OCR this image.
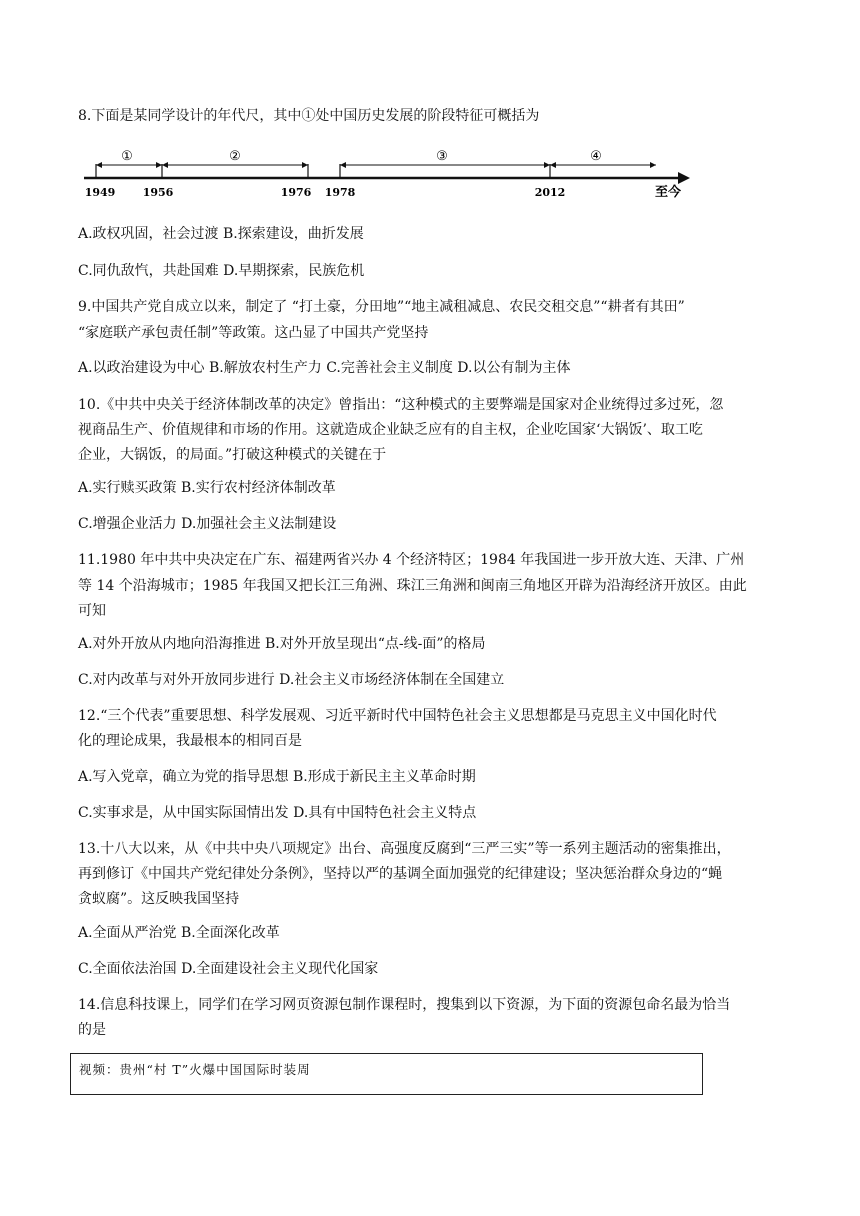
8.下面是某同学设计的年代尺，其中①处中国历史发展的阶段特征可概括为
①	②	③	④
1949 1956	1976 1978	2012	至今
A.政权巩固，社会过渡 B.探索建设，曲折发展
C.同仇敌忾，共赴国难 D.早期探索，民族危机
9.中国共产党自成立以来，制定了 “打土豪，分田地”“地主减租减息、农民交租交息”“耕者有其田”
“家庭联产承包责任制”等政策。这凸显了中国共产党坚持
A.以政治建设为中心 B.解放农村生产力 C.完善社会主义制度 D.以公有制为主体
10.《中共中央关于经济体制改革的决定》曾指出：“这种模式的主要弊端是国家对企业统得过多过死，忽
视商品生产、价值规律和市场的作用。这就造成企业缺乏应有的自主权，企业吃国家‘大锅饭’、取工吃
企业，大锅饭，的局面。”打破这种模式的关键在于
A.实行赎买政策 B.实行农村经济体制改革
C.增强企业活力 D.加强社会主义法制建设
11.1980 年中共中央决定在广东、福建两省兴办 4 个经济特区；1984 年我国进一步开放大连、天津、广州
等 14 个沿海城市；1985 年我国又把长江三角洲、珠江三角洲和闽南三角地区开辟为沿海经济开放区。由此
可知
A.对外开放从内地向沿海推进 B.对外开放呈现出“点-线-面”的格局
C.对内改革与对外开放同步进行 D.社会主义市场经济体制在全国建立
12.“三个代表”重要思想、科学发展观、习近平新时代中国特色社会主义思想都是马克思主义中国化时代
化的理论成果，我最根本的相同百是
A.写入党章，确立为党的指导思想 B.形成于新民主主义革命时期
C.实事求是，从中国实际国情出发 D.具有中国特色社会主义特点
13.十八大以来，从《中共中央八项规定》出台、高强度反腐到“三严三实”等一系列主题活动的密集推出，
再到修订《中国共产党纪律处分条例》，坚持以严的基调全面加强党的纪律建设；坚决惩治群众身边的“蝇
贪蚁腐”。这反映我国坚持
A.全面从严治党 B.全面深化改革
C.全面依法治国 D.全面建设社会主义现代化国家
14.信息科技课上，同学们在学习网页资源包制作课程时，搜集到以下资源，为下面的资源包命名最为恰当
的是
视频：贵州“村 T”火爆中国国际时装周
